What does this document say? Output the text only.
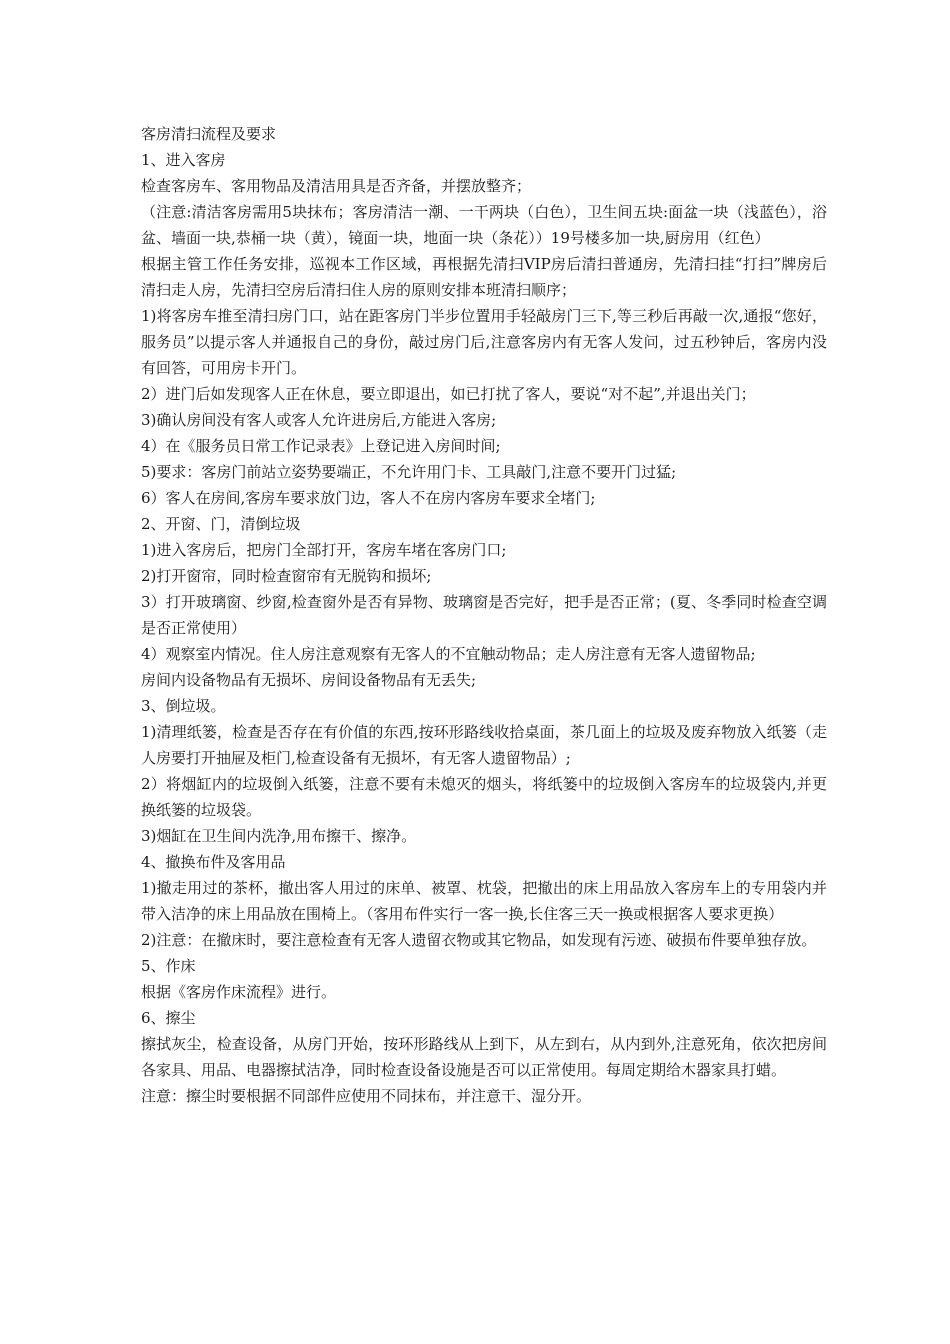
客房清扫流程及要求

1、进入客房

检查客房车、客用物品及清洁用具是否齐备，并摆放整齐；

（注意:清洁客房需用5块抹布；客房清洁一潮、一干两块（白色），卫生间五块:面盆一块（浅蓝色），浴盆、墙面一块,恭桶一块（黄），镜面一块，地面一块（条花））19号楼多加一块,厨房用（红色）

根据主管工作任务安排，巡视本工作区域，再根据先清扫VIP房后清扫普通房，先清扫挂“打扫”牌房后清扫走人房，先清扫空房后清扫住人房的原则安排本班清扫顺序；

1)将客房车推至清扫房门口，站在距客房门半步位置用手轻敲房门三下,等三秒后再敲一次,通报“您好，服务员”以提示客人并通报自己的身份，敲过房门后,注意客房内有无客人发问，过五秒钟后，客房内没有回答，可用房卡开门。

2）进门后如发现客人正在休息，要立即退出，如已打扰了客人，要说“对不起”,并退出关门；

3)确认房间没有客人或客人允许进房后,方能进入客房;

4）在《服务员日常工作记录表》上登记进入房间时间;

5)要求：客房门前站立姿势要端正，不允许用门卡、工具敲门,注意不要开门过猛;

6）客人在房间,客房车要求放门边，客人不在房内客房车要求全堵门;

2、开窗、门，清倒垃圾

1)进入客房后，把房门全部打开，客房车堵在客房门口;

2)打开窗帘，同时检查窗帘有无脱钩和损坏;

3）打开玻璃窗、纱窗,检查窗外是否有异物、玻璃窗是否完好，把手是否正常；(夏、冬季同时检查空调是否正常使用）

4）观察室内情况。住人房注意观察有无客人的不宜触动物品；走人房注意有无客人遗留物品;

房间内设备物品有无损坏、房间设备物品有无丢失;

3、倒垃圾。

1)清理纸篓，检查是否存在有价值的东西,按环形路线收拾桌面，茶几面上的垃圾及废弃物放入纸篓（走人房要打开抽屉及柜门,检查设备有无损坏，有无客人遗留物品）;

2）将烟缸内的垃圾倒入纸篓，注意不要有未熄灭的烟头，将纸篓中的垃圾倒入客房车的垃圾袋内,并更换纸篓的垃圾袋。

3)烟缸在卫生间内洗净,用布擦干、擦净。

4、撤换布件及客用品

1)撤走用过的茶杯，撤出客人用过的床单、被罩、枕袋，把撤出的床上用品放入客房车上的专用袋内并带入洁净的床上用品放在围椅上。（客用布件实行一客一换,长住客三天一换或根据客人要求更换）

2)注意：在撤床时，要注意检查有无客人遗留衣物或其它物品，如发现有污迹、破损布件要单独存放。

5、作床

根据《客房作床流程》进行。

6、擦尘

擦拭灰尘，检查设备，从房门开始，按环形路线从上到下，从左到右，从内到外,注意死角，依次把房间各家具、用品、电器擦拭洁净，同时检查设备设施是否可以正常使用。每周定期给木器家具打蜡。

注意：擦尘时要根据不同部件应使用不同抹布，并注意干、湿分开。
